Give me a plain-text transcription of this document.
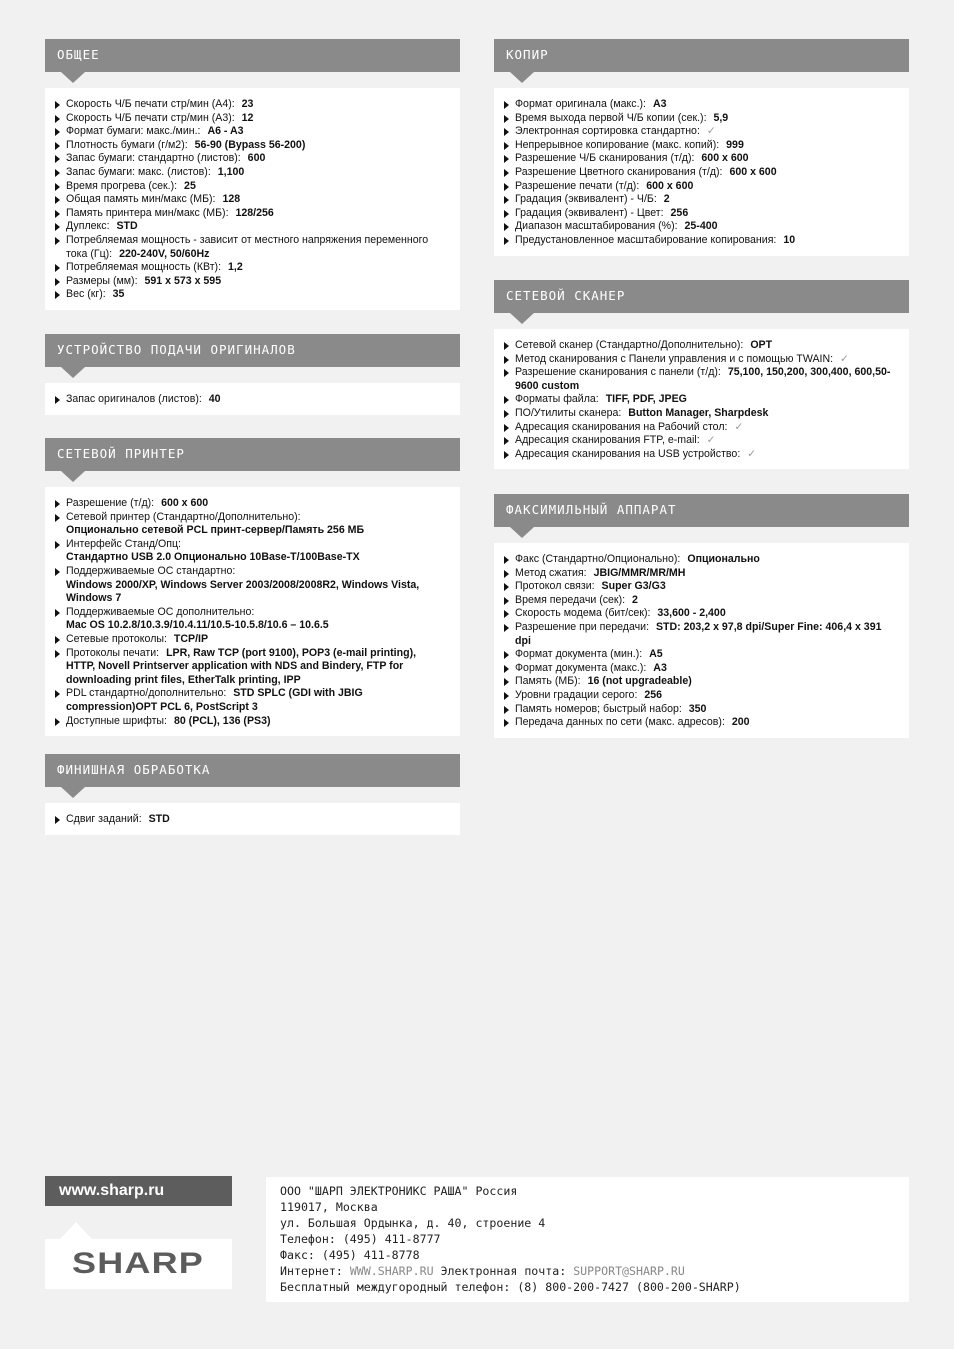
ОБЩЕЕ
Скорость Ч/Б печати стр/мин (A4): 23
Скорость Ч/Б печати стр/мин (A3): 12
Формат бумаги: макс./мин.: A6 - A3
Плотность бумаги (г/м2): 56-90 (Bypass 56-200)
Запас бумаги: стандартно (листов): 600
Запас бумаги: макс. (листов): 1,100
Время прогрева (сек.): 25
Общая память мин/макс (МБ): 128
Память принтера мин/макс (МБ): 128/256
Дуплекс: STD
Потребляемая мощность - зависит от местного напряжения переменного тока (Гц): 220-240V, 50/60Hz
Потребляемая мощность (КВт): 1,2
Размеры (мм): 591 x 573 x 595
Вес (кг): 35
УСТРОЙСТВО ПОДАЧИ ОРИГИНАЛОВ
Запас оригиналов (листов): 40
СЕТЕВОЙ ПРИНТЕР
Разрешение (т/д): 600 x 600
Сетевой принтер (Стандартно/Дополнительно):
Опционально сетевой PCL принт-сервер/Память 256 МБ
Интерфейс Станд/Опц:
Стандартно USB 2.0 Опционально 10Base-T/100Base-TX
Поддерживаемые ОС стандартно:
Windows 2000/XP, Windows Server 2003/2008/2008R2, Windows Vista, Windows 7
Поддерживаемые ОС дополнительно:
Mac OS 10.2.8/10.3.9/10.4.11/10.5-10.5.8/10.6 – 10.6.5
Сетевые протоколы: TCP/IP
Протоколы печати: LPR, Raw TCP (port 9100), POP3 (e-mail printing), HTTP, Novell Printserver application with NDS and Bindery, FTP for downloading print files, EtherTalk printing, IPP
PDL стандартно/дополнительно: STD SPLC (GDI with JBIG compression)OPT PCL 6, PostScript 3
Доступные шрифты: 80 (PCL), 136 (PS3)
ФИНИШНАЯ ОБРАБОТКА
Сдвиг заданий: STD
КОПИР
Формат оригинала (макс.): A3
Время выхода первой Ч/Б копии (сек.): 5,9
Электронная сортировка стандартно: ✓
Непрерывное копирование (макс. копий): 999
Разрешение Ч/Б сканирования (т/д): 600 x 600
Разрешение Цветного сканирования (т/д): 600 x 600
Разрешение печати (т/д): 600 x 600
Градация (эквивалент) - Ч/Б: 2
Градация (эквивалент) - Цвет: 256
Диапазон масштабирования (%): 25-400
Предустановленное масштабирование копирования: 10
СЕТЕВОЙ СКАНЕР
Сетевой сканер (Стандартно/Дополнительно): OPT
Метод сканирования с Панели управления и с помощью TWAIN: ✓
Разрешение сканирования с панели (т/д): 75,100, 150,200, 300,400, 600,50-9600 custom
Форматы файла: TIFF, PDF, JPEG
ПО/Утилиты сканера: Button Manager, Sharpdesk
Адресация сканирования на Рабочий стол: ✓
Адресация сканирования FTP, e-mail: ✓
Адресация сканирования на USB устройство: ✓
ФАКСИМИЛЬНЫЙ АППАРАТ
Факс (Стандартно/Опционально): Опционально
Метод сжатия: JBIG/MMR/MR/MH
Протокол связи: Super G3/G3
Время передачи (сек): 2
Скорость модема (бит/сек): 33,600 - 2,400
Разрешение при передачи: STD: 203,2 x 97,8 dpi/Super Fine: 406,4 x 391 dpi
Формат документа (мин.): A5
Формат документа (макс.): A3
Память (МБ): 16 (not upgradeable)
Уровни градации серого: 256
Память номеров; быстрый набор: 350
Передача данных по сети (макс. адресов): 200
www.sharp.ru
SHARP
ООО "ШАРП ЭЛЕКТРОНИКС РАША" Россия
119017, Москва
ул. Большая Ордынка, д. 40, строение 4
Телефон: (495) 411-8777
Факс: (495) 411-8778
Интернет: WWW.SHARP.RU Электронная почта: SUPPORT@SHARP.RU
Бесплатный междугородный телефон: (8) 800-200-7427 (800-200-SHARP)
